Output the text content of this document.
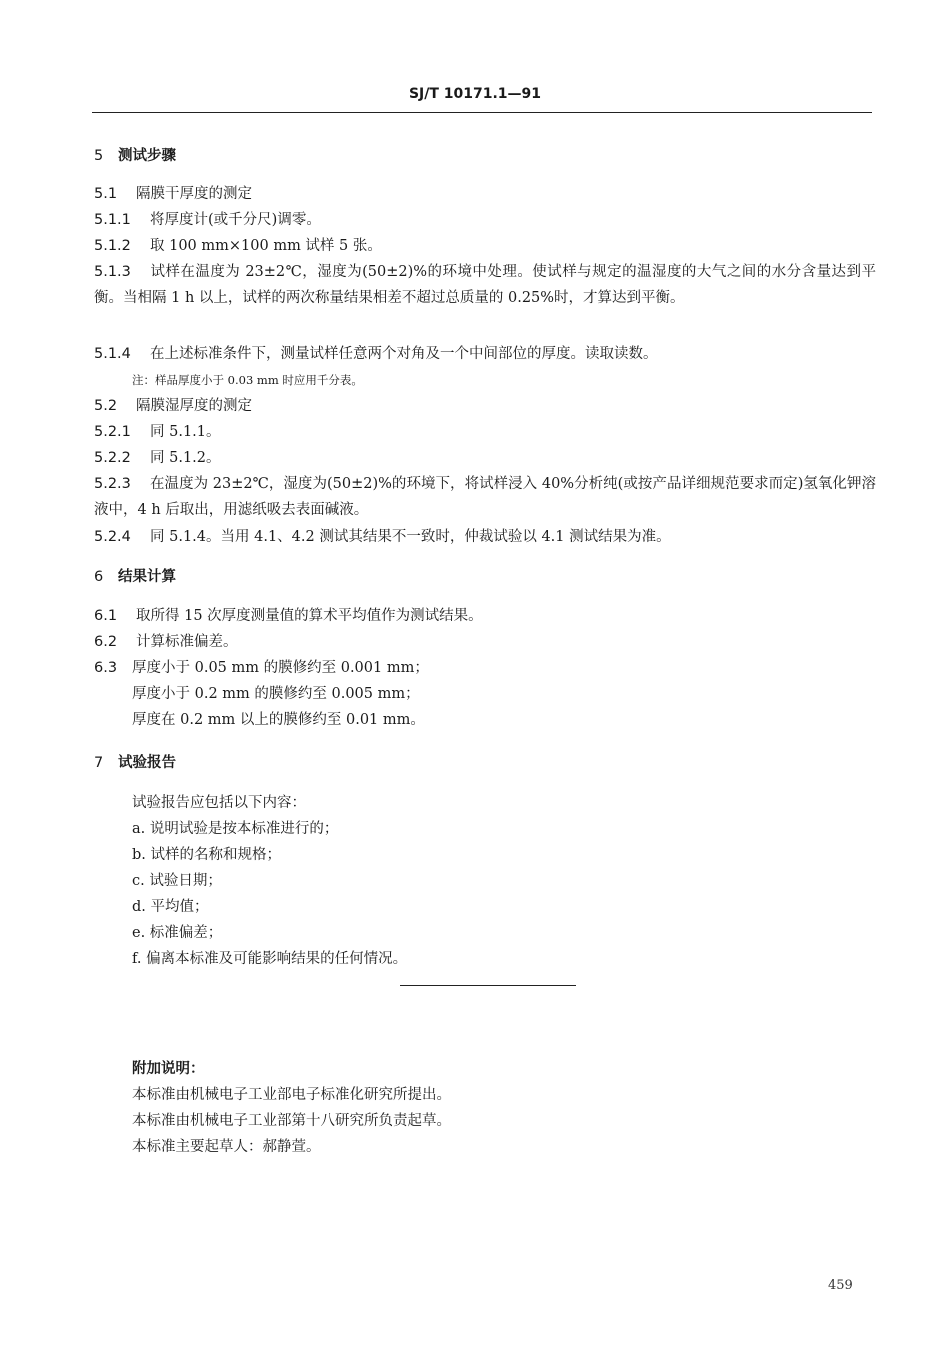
SJ/T 10171.1—91
5 测试步骤
5.1 隔膜干厚度的测定
5.1.1 将厚度计(或千分尺)调零。
5.1.2 取 100 mm×100 mm 试样 5 张。
5.1.3 试样在温度为 23±2℃，湿度为(50±2)%的环境中处理。使试样与规定的温湿度的大气之间的水分含量达到平衡。当相隔 1 h 以上，试样的两次称量结果相差不超过总质量的 0.25%时，才算达到平衡。
5.1.4 在上述标准条件下，测量试样任意两个对角及一个中间部位的厚度。读取读数。
注：样品厚度小于 0.03 mm 时应用千分表。
5.2 隔膜湿厚度的测定
5.2.1 同 5.1.1。
5.2.2 同 5.1.2。
5.2.3 在温度为 23±2℃，湿度为(50±2)%的环境下，将试样浸入 40%分析纯(或按产品详细规范要求而定)氢氧化钾溶液中，4 h 后取出，用滤纸吸去表面碱液。
5.2.4 同 5.1.4。当用 4.1、4.2 测试其结果不一致时，仲裁试验以 4.1 测试结果为准。
6 结果计算
6.1 取所得 15 次厚度测量值的算术平均值作为测试结果。
6.2 计算标准偏差。
6.3 厚度小于 0.05 mm 的膜修约至 0.001 mm；
厚度小于 0.2 mm 的膜修约至 0.005 mm；
厚度在 0.2 mm 以上的膜修约至 0.01 mm。
7 试验报告
试验报告应包括以下内容：
a. 说明试验是按本标准进行的；
b. 试样的名称和规格；
c. 试验日期；
d. 平均值；
e. 标准偏差；
f. 偏离本标准及可能影响结果的任何情况。
附加说明：
本标准由机械电子工业部电子标准化研究所提出。
本标准由机械电子工业部第十八研究所负责起草。
本标准主要起草人：郝静萱。
459
